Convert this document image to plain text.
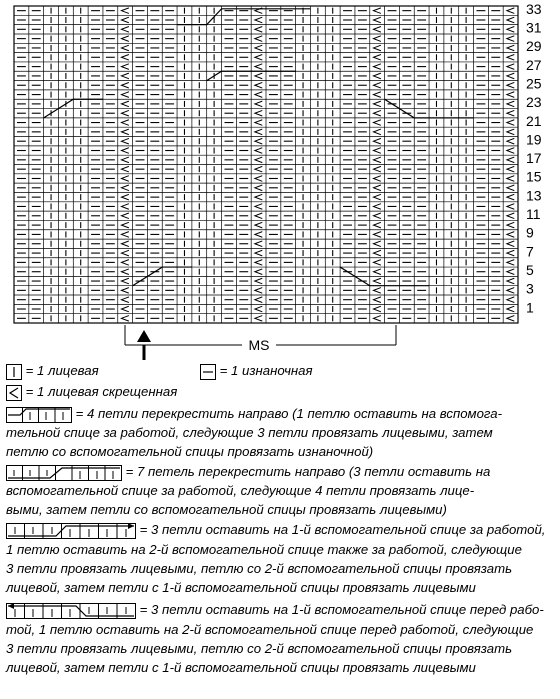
33
31
29
27
25
23
21
19
17
15
13
11
9
7
5
3
1
MS
= 1 лицевая	= 1 изнаночная
= 1 лицевая скрещенная
= 4 петли перекрестить направо (1 петлю оставить на вспомога-
тельной спице за работой, следующие 3 петли провязать лицевыми, затем
петлю со вспомогательной спицы провязать изнаночной)
= 7 петель перекрестить направо (3 петли оставить на
вспомогательной спице за работой, следующие 4 петли провязать лице-
выми, затем петли со вспомогательной спицы провязать лицевыми)
= 3 петли оставить на 1-й вспомогательной спице за работой,
1 петлю оставить на 2-й вспомогательной спице также за работой, следующие
3 петли провязать лицевыми, петлю со 2-й вспомогательной спицы провязать
лицевой, затем петли с 1-й вспомогательной спицы провязать лицевыми
= 3 петли оставить на 1-й вспомогательной спице перед рабо-
той, 1 петлю оставить на 2-й вспомогательной спице перед работой, следующие
3 петли провязать лицевыми, петлю со 2-й вспомогательной спицы провязать
лицевой, затем петли с 1-й вспомогательной спицы провязать лицевыми
